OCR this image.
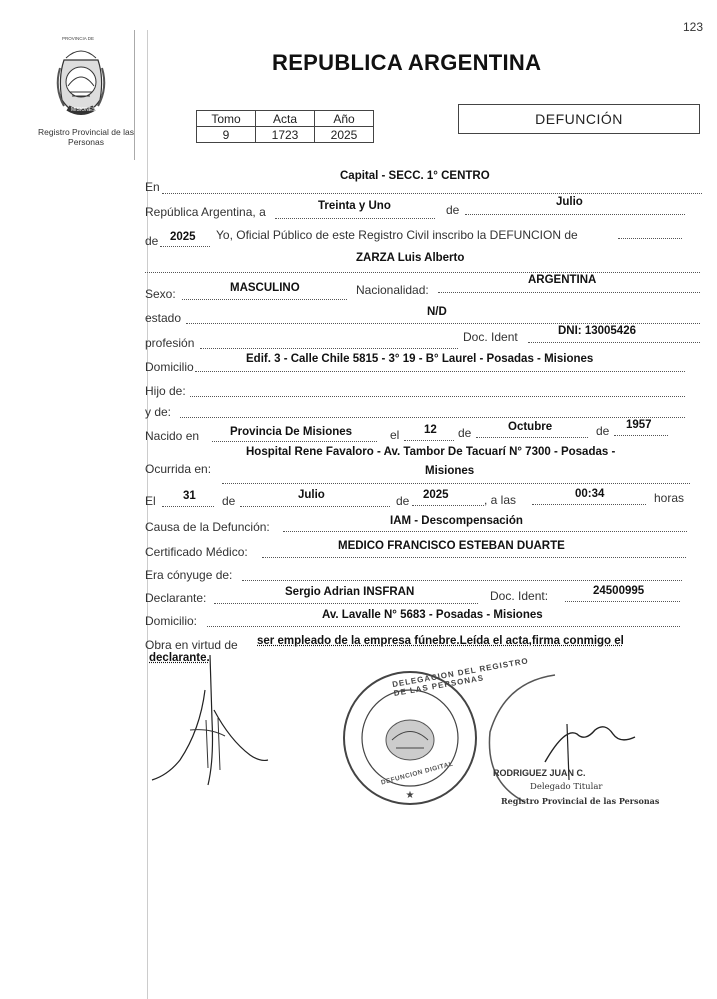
123
PROVINCIA DE
MISIONES
Registro Provincial de las Personas
REPUBLICA ARGENTINA
Tomo	Acta	Año
9	1723	2025
DEFUNCIÓN
En
Capital - SECC. 1° CENTRO
República Argentina, a	Treinta y Uno	de
Julio
de 2025 Yo, Oficial Público de este Registro Civil inscribo la DEFUNCION de
ZARZA Luis Alberto
Sexo:	MASCULINO	Nacionalidad:
ARGENTINA
estado	N/D
profesión	Doc. Ident	DNI: 13005426
Domicilio
Edif. 3 - Calle Chile 5815 - 3° 19 - B° Laurel - Posadas - Misiones
Hijo de:
y de:
Nacido en	Provincia De Misiones	el 12 de	Octubre	de 1957
Ocurrida en:
Hospital Rene Favaloro - Av. Tambor De Tacuarí N° 7300 - Posadas -
Misiones
El 31 de	Julio	de 2025	, a las	00:34	horas
Causa de la Defunción:	IAM - Descompensación
Certificado Médico:	MEDICO FRANCISCO ESTEBAN DUARTE
Era cónyuge de:
Declarante:	Sergio Adrian INSFRAN	Doc. Ident:	24500995
Domicilio:	Av. Lavalle N° 5683 - Posadas - Misiones
Obra en virtud de ser empleado de la empresa fúnebre.Leída el acta,firma conmigo el
declarante.
★
DELEGACION DEL REGISTRO DE LAS PERSONAS
DEFUNCION DIGITAL	RODRIGUEZ JUAN C.
Delegado Titular
Registro Provincial de las Personas
